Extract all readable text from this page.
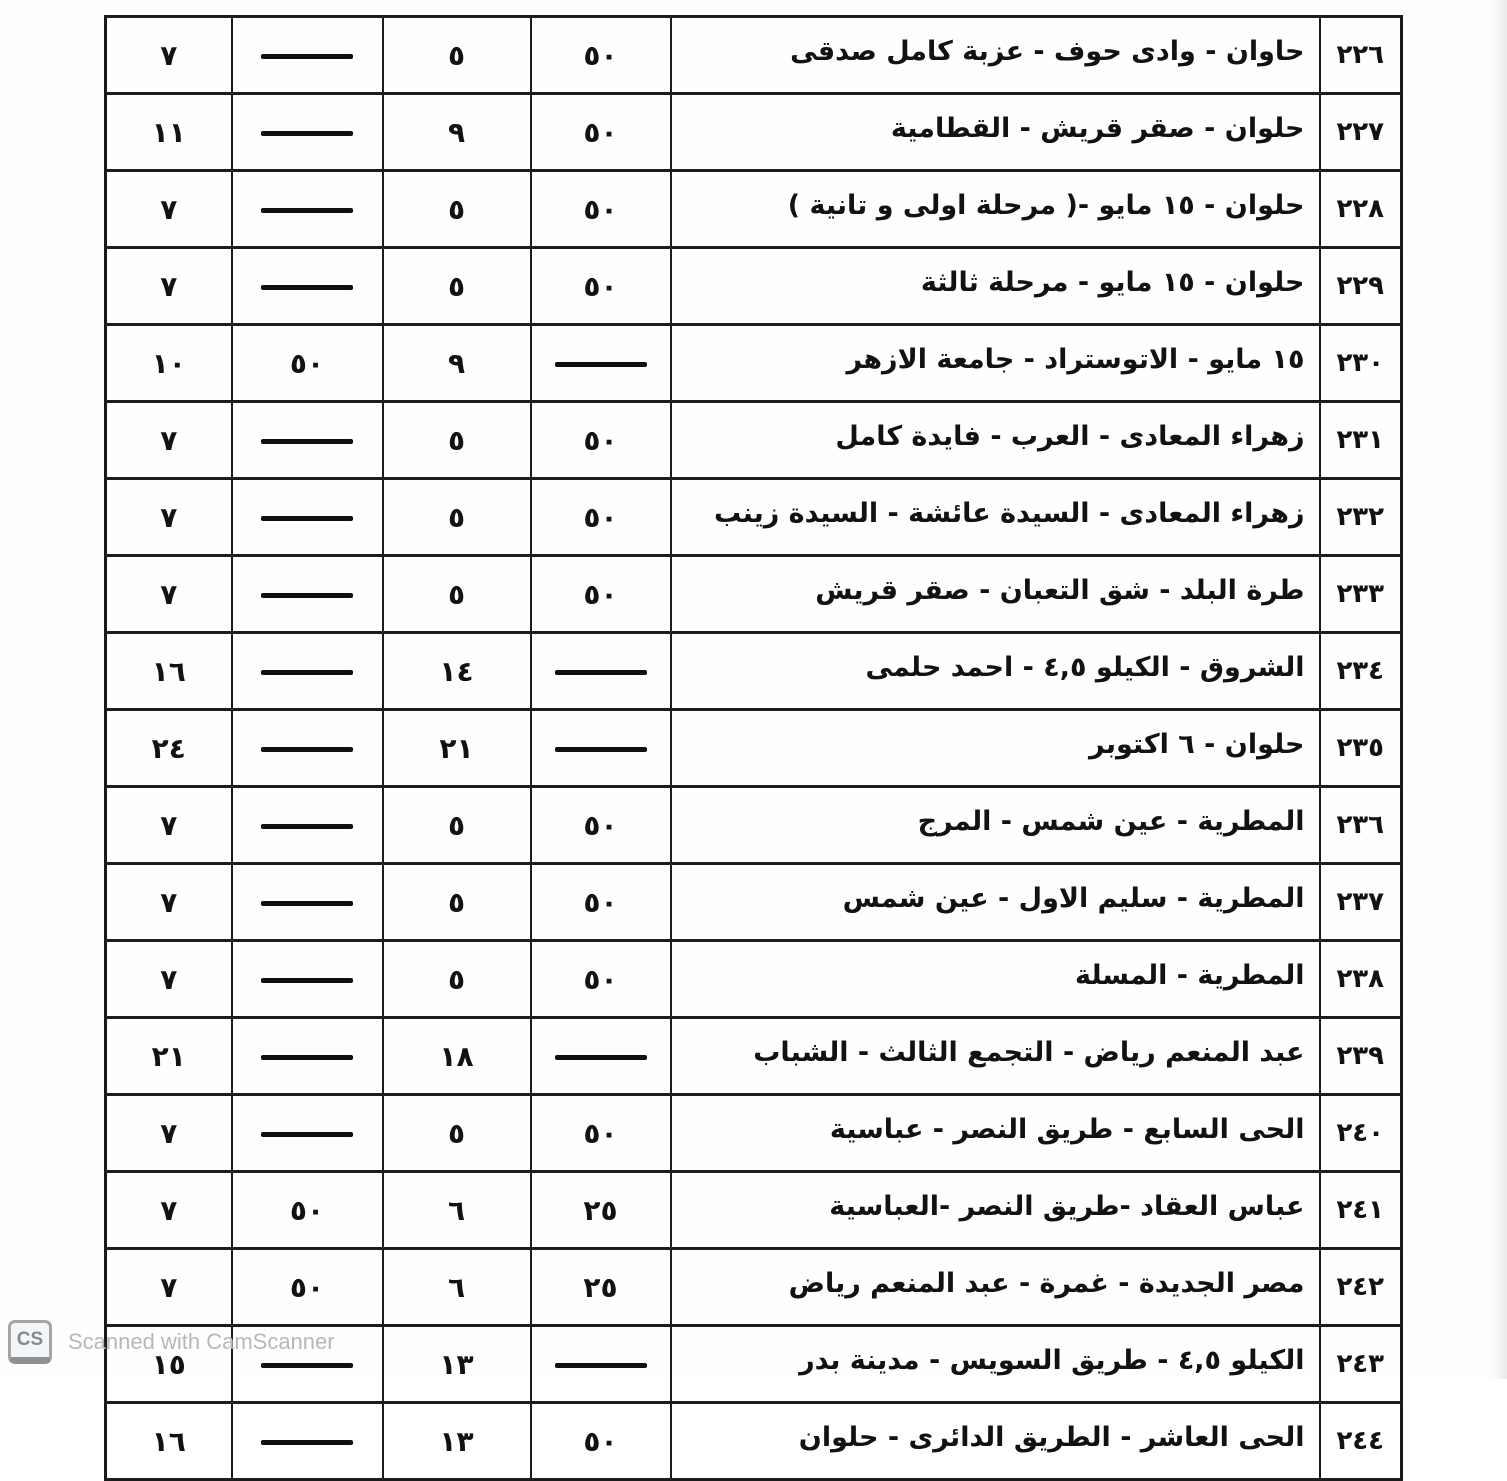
٢٢٦	حاوان - وادى حوف - عزبة كامل صدقى	٥٠	٥		٧
٢٢٧	حلوان - صقر قريش - القطامية	٥٠	٩		١١
٢٢٨	حلوان - ١٥ مايو -( مرحلة اولى و تانية )	٥٠	٥		٧
٢٢٩	حلوان - ١٥ مايو - مرحلة ثالثة	٥٠	٥		٧
٢٣٠	١٥ مايو - الاتوستراد - جامعة الازهر		٩	٥٠	١٠
٢٣١	زهراء المعادى - العرب - فايدة كامل	٥٠	٥		٧
٢٣٢	زهراء المعادى - السيدة عائشة - السيدة زينب	٥٠	٥		٧
٢٣٣	طرة البلد - شق التعبان - صقر قريش	٥٠	٥		٧
٢٣٤	الشروق - الكيلو ٤,٥ - احمد حلمى		١٤		١٦
٢٣٥	حلوان - ٦ اكتوبر		٢١		٢٤
٢٣٦	المطرية - عين شمس - المرج	٥٠	٥		٧
٢٣٧	المطرية - سليم الاول - عين شمس	٥٠	٥		٧
٢٣٨	المطرية - المسلة	٥٠	٥		٧
٢٣٩	عبد المنعم رياض - التجمع الثالث - الشباب		١٨		٢١
٢٤٠	الحى السابع - طريق النصر - عباسية	٥٠	٥		٧
٢٤١	عباس العقاد -طريق النصر -العباسية	٢٥	٦	٥٠	٧
٢٤٢	مصر الجديدة - غمرة - عبد المنعم رياض	٢٥	٦	٥٠	٧
٢٤٣	الكيلو ٤,٥ - طريق السويس - مدينة بدر		١٣		١٥
٢٤٤	الحى العاشر - الطريق الدائرى - حلوان	٥٠	١٣		١٦
CS	Scanned with CamScanner
